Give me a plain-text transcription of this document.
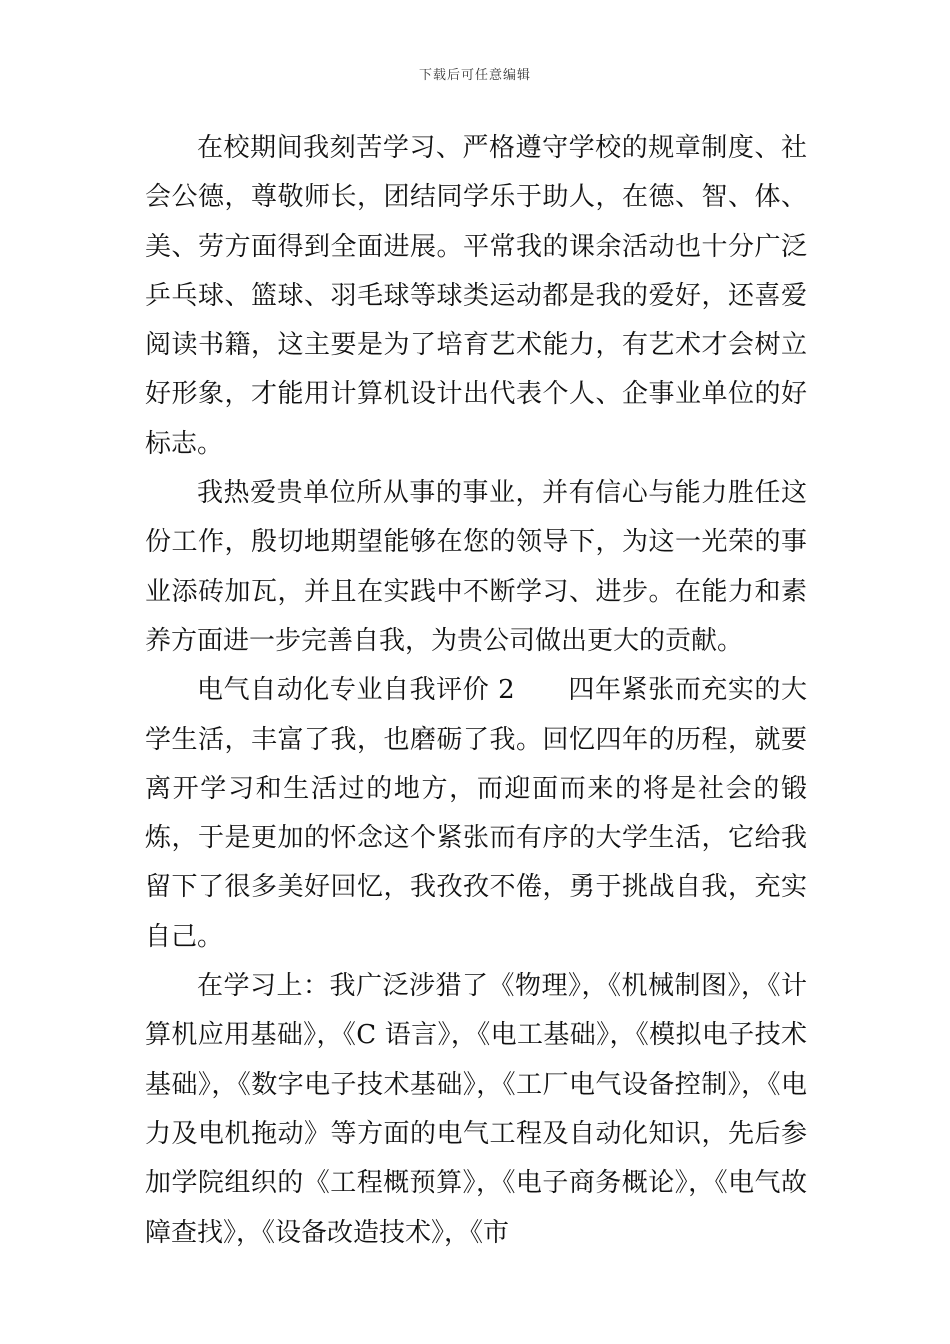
下载后可任意编辑

在校期间我刻苦学习、严格遵守学校的规章制度、社会公德，尊敬师长，团结同学乐于助人，在德、智、体、美、劳方面得到全面进展。平常我的课余活动也十分广泛乒乓球、篮球、羽毛球等球类运动都是我的爱好，还喜爱阅读书籍，这主要是为了培育艺术能力，有艺术才会树立好形象，才能用计算机设计出代表个人、企事业单位的好标志。

我热爱贵单位所从事的事业，并有信心与能力胜任这份工作，殷切地期望能够在您的领导下，为这一光荣的事业添砖加瓦，并且在实践中不断学习、进步。在能力和素养方面进一步完善自我，为贵公司做出更大的贡献。

电气自动化专业自我评价 2　　四年紧张而充实的大学生活，丰富了我，也磨砺了我。回忆四年的历程，就要离开学习和生活过的地方，而迎面而来的将是社会的锻炼，于是更加的怀念这个紧张而有序的大学生活，它给我留下了很多美好回忆，我孜孜不倦，勇于挑战自我，充实自己。

在学习上：我广泛涉猎了《物理》，《机械制图》，《计算机应用基础》，《C 语言》，《电工基础》，《模拟电子技术基础》，《数字电子技术基础》，《工厂电气设备控制》，《电力及电机拖动》等方面的电气工程及自动化知识，先后参加学院组织的《工程概预算》，《电子商务概论》，《电气故障查找》，《设备改造技术》，《市
